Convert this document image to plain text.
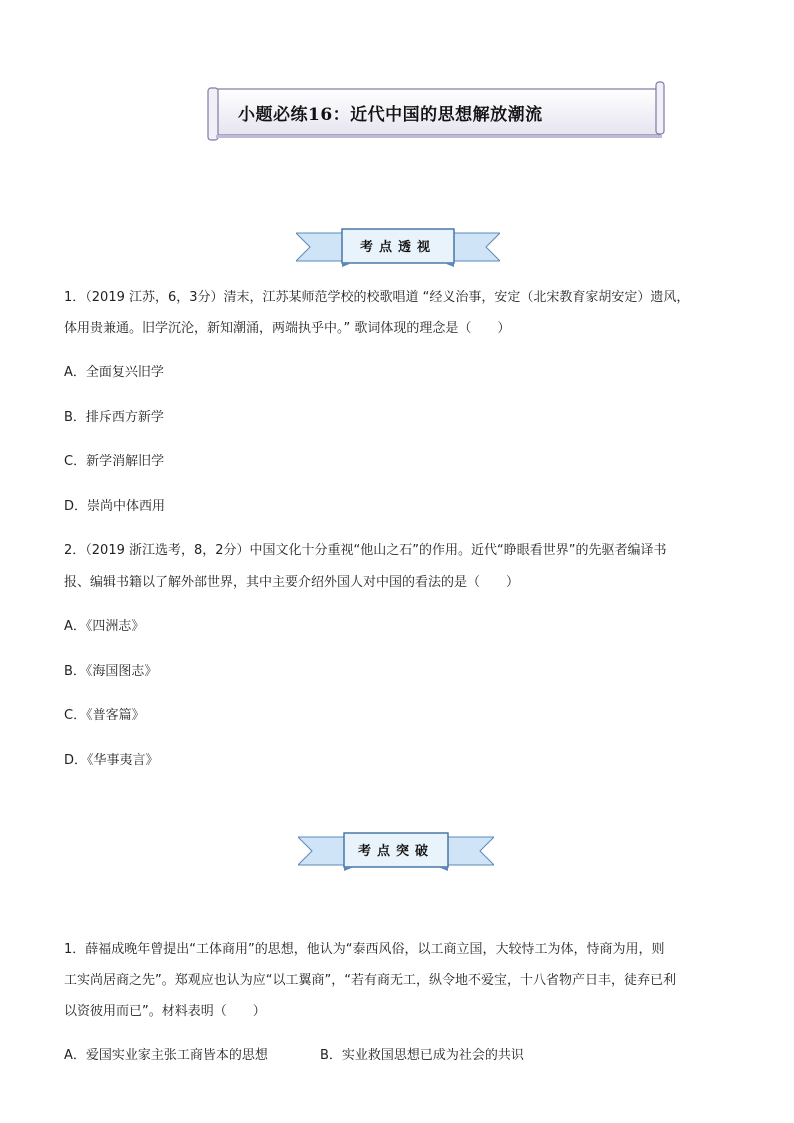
小题必练16：近代中国的思想解放潮流
考点透视
1．（2019 江苏，6，3分）清末，江苏某师范学校的校歌唱道 “经义治事，安定（北宋教育家胡安定）遗风，
体用贵兼通。旧学沉沦，新知潮涌，两端执乎中。” 歌词体现的理念是（　　）
A．全面复兴旧学
B．排斥西方新学
C．新学消解旧学
D．崇尚中体西用
2．（2019 浙江选考，8，2分）中国文化十分重视“他山之石”的作用。近代“睁眼看世界”的先驱者编译书
报、编辑书籍以了解外部世界，其中主要介绍外国人对中国的看法的是（　　）
A．《四洲志》
B．《海国图志》
C．《普客篇》
D．《华事夷言》
考点突破
1．薛福成晚年曾提出“工体商用”的思想，他认为“泰西风俗，以工商立国，大较恃工为体，恃商为用，则
工实尚居商之先”。郑观应也认为应“以工翼商”，“若有商无工，纵令地不爱宝，十八省物产日丰，徒弃已利
以资彼用而已”。材料表明（　　）
A．爱国实业家主张工商皆本的思想	B．实业救国思想已成为社会的共识
